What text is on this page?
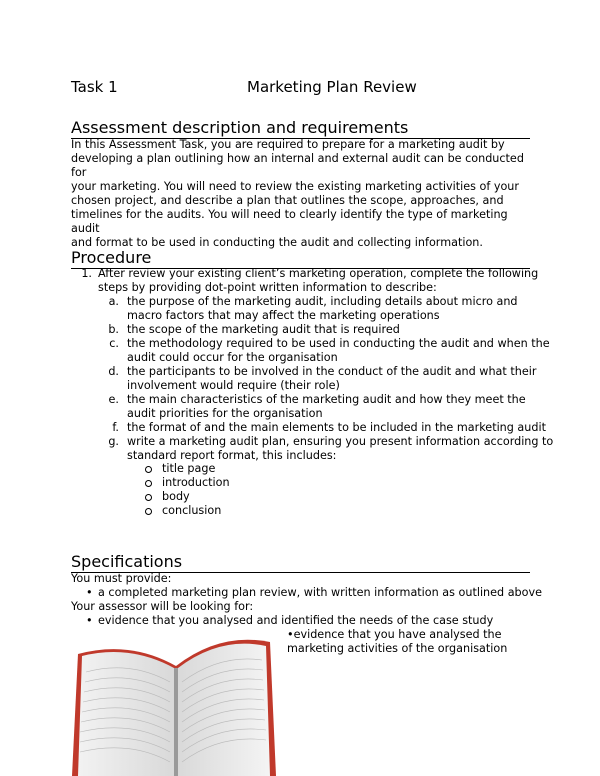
Task 1	Marketing Plan Review
Assessment description and requirements
In this Assessment Task, you are required to prepare for a marketing audit by
developing a plan outlining how an internal and external audit can be conducted for
your marketing. You will need to review the existing marketing activities of your
chosen project, and describe a plan that outlines the scope, approaches, and
timelines for the audits. You will need to clearly identify the type of marketing audit
and format to be used in conducting the audit and collecting information.
Procedure
1. After review your existing client’s marketing operation, complete the following
steps by providing dot-point written information to describe:
a. the purpose of the marketing audit, including details about micro and
macro factors that may affect the marketing operations
b. the scope of the marketing audit that is required
c. the methodology required to be used in conducting the audit and when the
audit could occur for the organisation
d. the participants to be involved in the conduct of the audit and what their
involvement would require (their role)
e. the main characteristics of the marketing audit and how they meet the
audit priorities for the organisation
f. the format of and the main elements to be included in the marketing audit
g. write a marketing audit plan, ensuring you present information according to
standard report format, this includes:
title page
introduction
body
conclusion
Specifications
You must provide:
• a completed marketing plan review, with written information as outlined above
Your assessor will be looking for:
• evidence that you analysed and identified the needs of the case study
•evidence that you have analysed the
marketing activities of the organisation
